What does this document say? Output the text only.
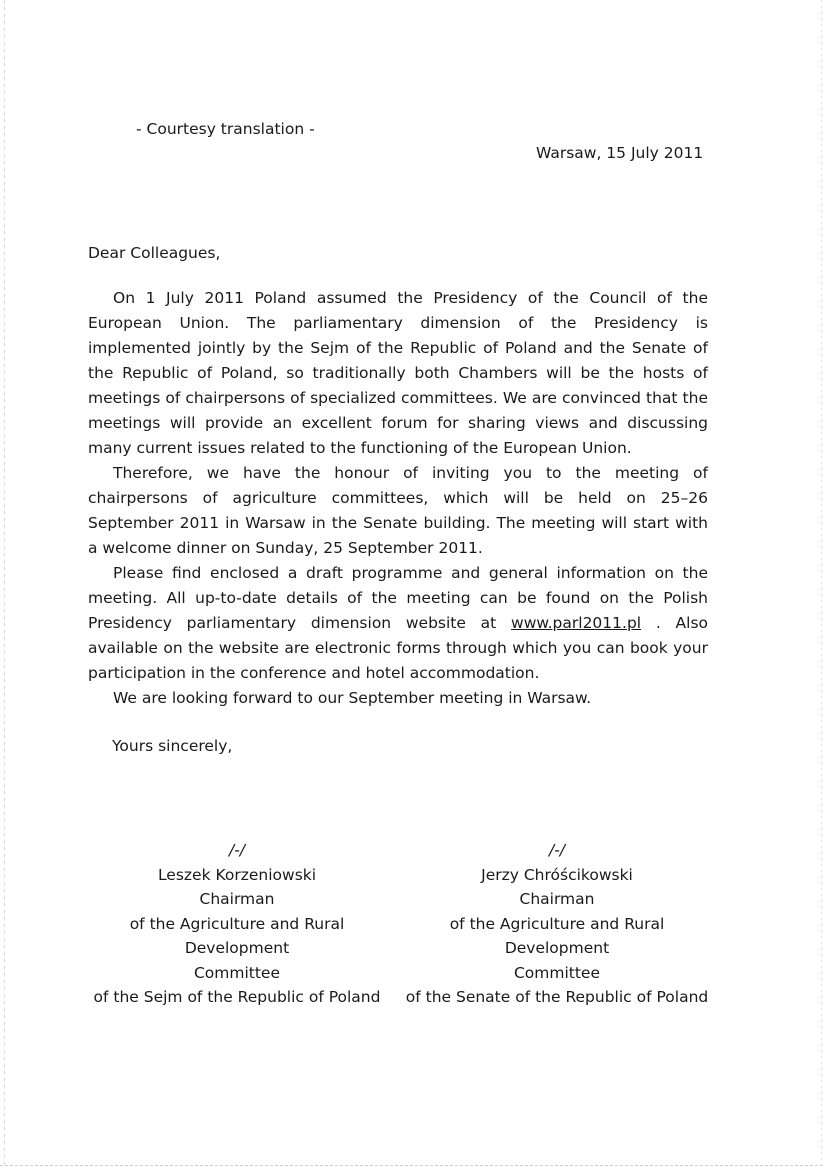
- Courtesy translation -
Warsaw, 15 July 2011
Dear Colleagues,

On 1 July 2011 Poland assumed the Presidency of the Council of the European Union. The parliamentary dimension of the Presidency is implemented jointly by the Sejm of the Republic of Poland and the Senate of the Republic of Poland, so traditionally both Chambers will be the hosts of meetings of chairpersons of specialized committees. We are convinced that the meetings will provide an excellent forum for sharing views and discussing many current issues related to the functioning of the European Union.

Therefore, we have the honour of inviting you to the meeting of chairpersons of agriculture committees, which will be held on 25–26 September 2011 in Warsaw in the Senate building. The meeting will start with a welcome dinner on Sunday, 25 September 2011.

Please find enclosed a draft programme and general information on the meeting. All up-to-date details of the meeting can be found on the Polish Presidency parliamentary dimension website at www.parl2011.pl . Also available on the website are electronic forms through which you can book your participation in the conference and hotel accommodation.

We are looking forward to our September meeting in Warsaw.

Yours sincerely,
/-/
Leszek Korzeniowski
Chairman
of the Agriculture and Rural Development
Committee
of the Sejm of the Republic of Poland
/-/
Jerzy Chróścikowski
Chairman
of the Agriculture and Rural Development
Committee
of the Senate of the Republic of Poland
